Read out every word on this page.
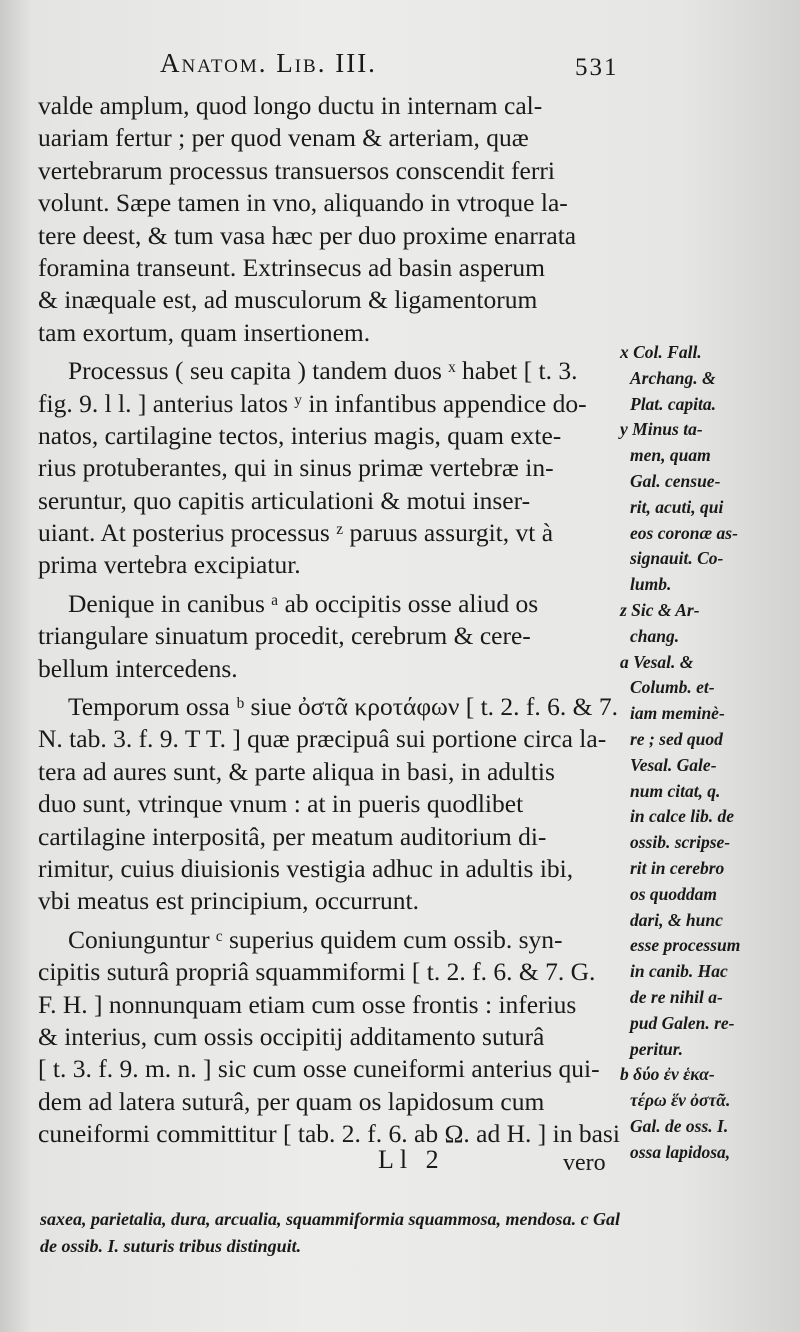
Anatom. Lib. III.	531
valde amplum, quod longo ductu in internam cal-
uariam fertur ; per quod venam & arteriam, quæ
vertebrarum processus transuersos conscendit ferri
volunt. Sæpe tamen in vno, aliquando in vtroque la-
tere deest, & tum vasa hæc per duo proxime enarrata
foramina transeunt. Extrinsecus ad basin asperum
& inæquale est, ad musculorum & ligamentorum
tam exortum, quam insertionem.
Processus ( seu capita ) tandem duos ˣ habet [ t. 3.
fig. 9. l l. ] anterius latos ʸ in infantibus appendice do-
natos, cartilagine tectos, interius magis, quam exte-
rius protuberantes, qui in sinus primæ vertebræ in-
seruntur, quo capitis articulationi & motui inser-
uiant. At posterius processus ᶻ paruus assurgit, vt à
prima vertebra excipiatur.
Denique in canibus ᵃ ab occipitis osse aliud os
triangulare sinuatum procedit, cerebrum & cere-
bellum intercedens.
Temporum ossa ᵇ siue ὀστᾶ κροτάφων [ t. 2. f. 6. & 7.
N. tab. 3. f. 9. T T. ] quæ præcipuâ sui portione circa la-
tera ad aures sunt, & parte aliqua in basi, in adultis
duo sunt, vtrinque vnum : at in pueris quodlibet
cartilagine interpositâ, per meatum auditorium di-
rimitur, cuius diuisionis vestigia adhuc in adultis ibi,
vbi meatus est principium, occurrunt.
Coniunguntur ᶜ superius quidem cum ossib. syn-
cipitis suturâ propriâ squammiformi [ t. 2. f. 6. & 7. G.
F. H. ] nonnunquam etiam cum osse frontis : inferius
& interius, cum ossis occipitij additamento suturâ
[ t. 3. f. 9. m. n. ] sic cum osse cuneiformi anterius qui-
dem ad latera suturâ, per quam os lapidosum cum
cuneiformi committitur [ tab. 2. f. 6. ab Ω. ad H. ] in basi
Ll 2	vero
x Col. Fall.
Archang. &
Plat. capita.
y Minus ta-
men, quam
Gal. censue-
rit, acuti, qui
eos coronæ as-
signauit. Co-
lumb.
z Sic & Ar-
chang.
a Vesal. &
Columb. et-
iam meminè-
re ; sed quod
Vesal. Gale-
num citat, q.
in calce lib. de
ossib. scripse-
rit in cerebro
os quoddam
dari, & hunc
esse processum
in canib. Hac
de re nihil a-
pud Galen. re-
peritur.
b δύο ἐν ἑκα-
τέρω ἕν ὀστᾶ.
Gal. de oss. I.
ossa lapidosa,
saxea, parietalia, dura, arcualia, squammiformia squammosa, mendosa. c Gal
de ossib. I. suturis tribus distinguit.
